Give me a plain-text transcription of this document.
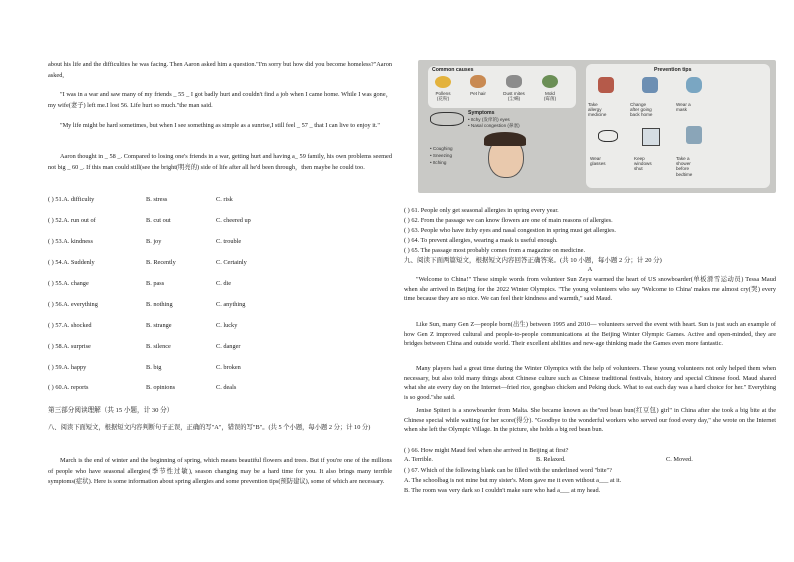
about his life and the difficulties he was facing. Then Aaron asked him a question."I'm sorry but how did you become homeless?"Aaron asked,

"I was in a war and saw many of my friends _ 55 _ I got badly hurt and couldn't find a job when I came home. While I was gone，my wife(妻子) left me.I lost 56. Life hurt so much."the man said.

"My life might be hard sometimes, but when I see something as simple as a sunrise,I still feel _ 57 _ that I can live to enjoy it."

Aaron thought in _ 58 _. Compared to losing one's friends in a war, getting hurt and having a_ 59 family, his own problems seemed not big _ 60 _. If this man could still(see the bright(明亮的) side of life after all he'd been through，then maybe he could too.

( ) 51.A. difficulty	B. stress	C. risk
( ) 52.A. run out of	B. cut out	C. cheered up
( ) 53.A. kindness	B. joy	C. trouble
( ) 54.A. Suddenly	B. Recently	C. Certainly
( ) 55.A. change	B. pass	C. die
( ) 56.A. everything	B. nothing	C. anything
( ) 57.A. shocked	B. strange	C. lucky
( ) 58.A. surprise	B. silence	C. danger
( ) 59.A. happy	B. big	C. broken
( ) 60.A. reports	B. opinions	C. deals
第三部分阅读理解（共 15 小题，计 30 分）

八、阅读下面短文，根据短文内容判断句子正误，正确的写"A"，错误的写"B"。(共 5 个小题，每小题 2 分；计 10 分)

March is the end of winter and the beginning of spring, which means beautiful flowers and trees. But if you're one of the millions of people who have seasonal allergies(季节性过敏), season changing may be a hard time for you. It also brings many terrible symptoms(症状). Here is some information about spring allergies and some prevention tips(预防建议), some of which are necessary.

Common causes
Pollens
(花粉)
Pet hair	Dust mites
(尘螨)
Mold
(霉菌)
Symptoms
• Itchy (发痒的) eyes
• Nasal congestion (鼻塞)
• Coughing
• Sneezing
• Itching
Prevention tips
Take
allergy
medicine
Change
after going
back home
Wear a
mask
Wear
glasses
Keep
windows
shut
Take a
shower
before
bedtime
( ) 61. People only get seasonal allergies in spring every year.
( ) 62. From the passage we can know flowers are one of main reasons of allergies.
( ) 63. People who have itchy eyes and nasal congestion in spring must get allergies.
( ) 64. To prevent allergies, wearing a mask is useful enough.
( ) 65. The passage most probably comes from a magazine on medicine.
九、阅读下面两篇短文，根据短文内容回答正确答案。(共 10 小题，每小题 2 分；计 20 分)
A

"Welcome to China!" These simple words from volunteer Sun Zeyu warmed the heart of US snowboarder(单板滑雪运动员) Tessa Maud when she arrived in Beijing for the 2022 Winter Olympics. "The young volunteers who say 'Welcome to China' makes me almost cry(哭) every time because they are so nice. We can feel their kindness and warmth," said Maud.

Like Sun, many Gen Z—people born(出生) between 1995 and 2010— volunteers served the event with heart. Sun is just such an example of how Gen Z improved cultural and people-to-people communications at the Beijing Winter Olympic Games. Active and open-minded, they are bridges between China and outside world. Their excellent abilities and new-age thinking made the Games even more fantastic.

Many players had a great time during the Winter Olympics with the help of volunteers. These young volunteers not only helped them when necessary, but also told many things about Chinese culture such as Chinese traditional festivals, history and special Chinese food. Maud shared what she ate every day on the Internet—fried rice, gongbao chicken and Peking duck. What to eat each day was a hard choice for her." Everything is so good."she said.

Jenise Spiteri is a snowboarder from Malta. She became known as the"red bean bun(红豆包) girl" in China after she took a big bite at the Chinese special while waiting for her score(得分). "Goodbye to the wonderful workers who served our food every day," she wrote on the Internet when she left the Olympic Village. In the picture, she holds a big red bean bun.

( ) 66. How might Maud feel when she arrived in Beijing at first?
A. Terrible.	B. Relaxed.	C. Moved.
( ) 67. Which of the following blank can be filled with the underlined word "bite"?
A. The schoolbag is not mine but my sister's. Mom gave me it even without a___ at it.
B. The room was very dark so I couldn't make sure who had a___ at my head.
